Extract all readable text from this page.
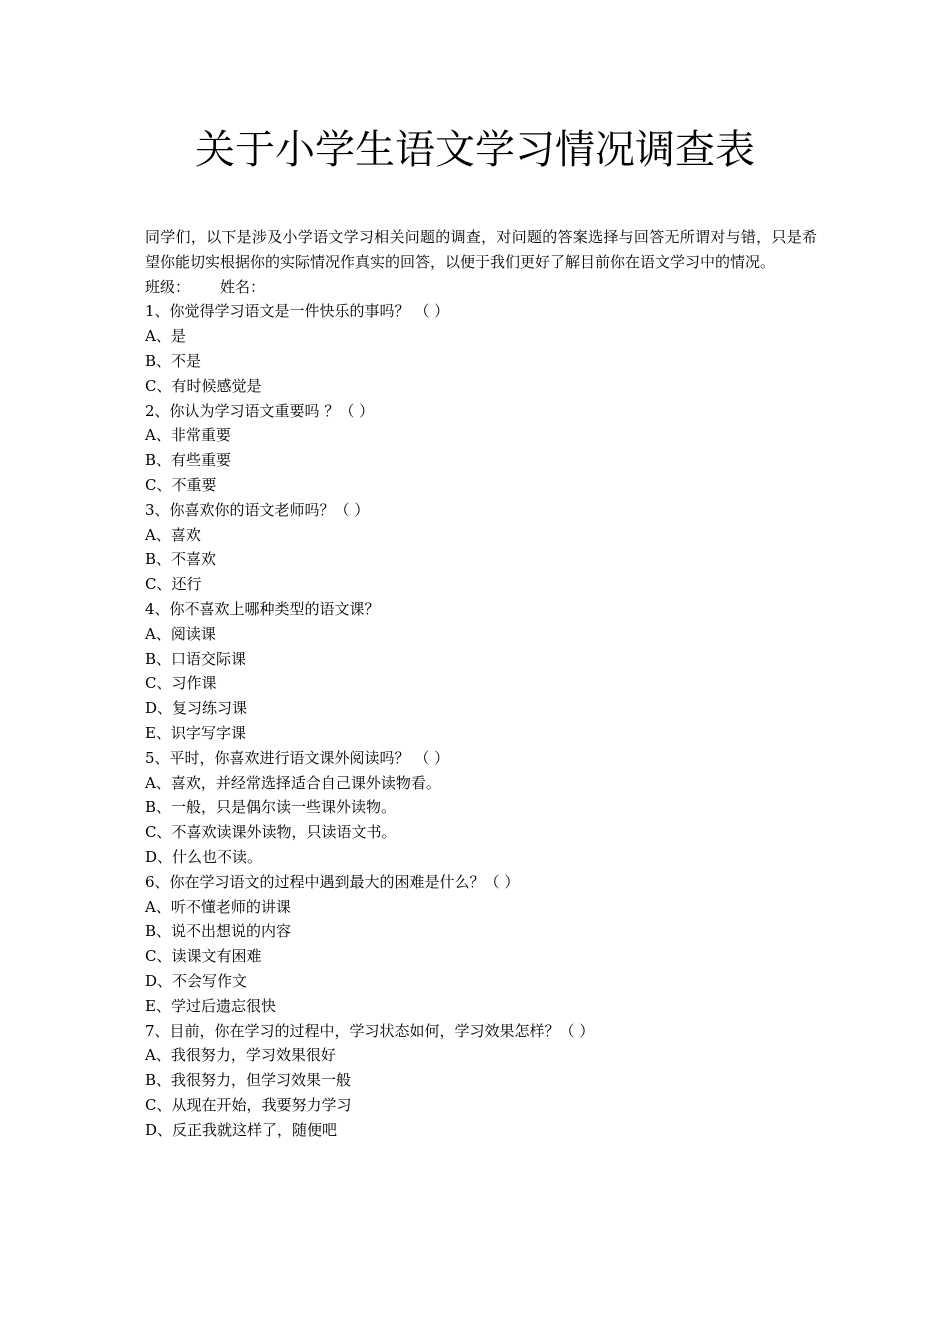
关于小学生语文学习情况调查表

同学们，以下是涉及小学语文学习相关问题的调查，对问题的答案选择与回答无所谓对与错，只是希望你能切实根据你的实际情况作真实的回答，以便于我们更好了解目前你在语文学习中的情况。

班级： 姓名：

1、你觉得学习语文是一件快乐的事吗？ （ ）

A、是

B、不是

C、有时候感觉是

2、你认为学习语文重要吗 ？（ ）

A、非常重要

B、有些重要

C、不重要

3、你喜欢你的语文老师吗？（ ）

A、喜欢

B、不喜欢

C、还行

4、你不喜欢上哪种类型的语文课？

A、阅读课

B、口语交际课

C、习作课

D、复习练习课

E、识字写字课

5、平时，你喜欢进行语文课外阅读吗？ （ ）

A、喜欢，并经常选择适合自己课外读物看。

B、一般，只是偶尔读一些课外读物。

C、不喜欢读课外读物，只读语文书。

D、什么也不读。

6、你在学习语文的过程中遇到最大的困难是什么？（ ）

A、听不懂老师的讲课

B、说不出想说的内容

C、读课文有困难

D、不会写作文

E、学过后遗忘很快

7、目前，你在学习的过程中，学习状态如何，学习效果怎样？（ ）

A、我很努力，学习效果很好

B、我很努力，但学习效果一般

C、从现在开始，我要努力学习

D、反正我就这样了，随便吧
